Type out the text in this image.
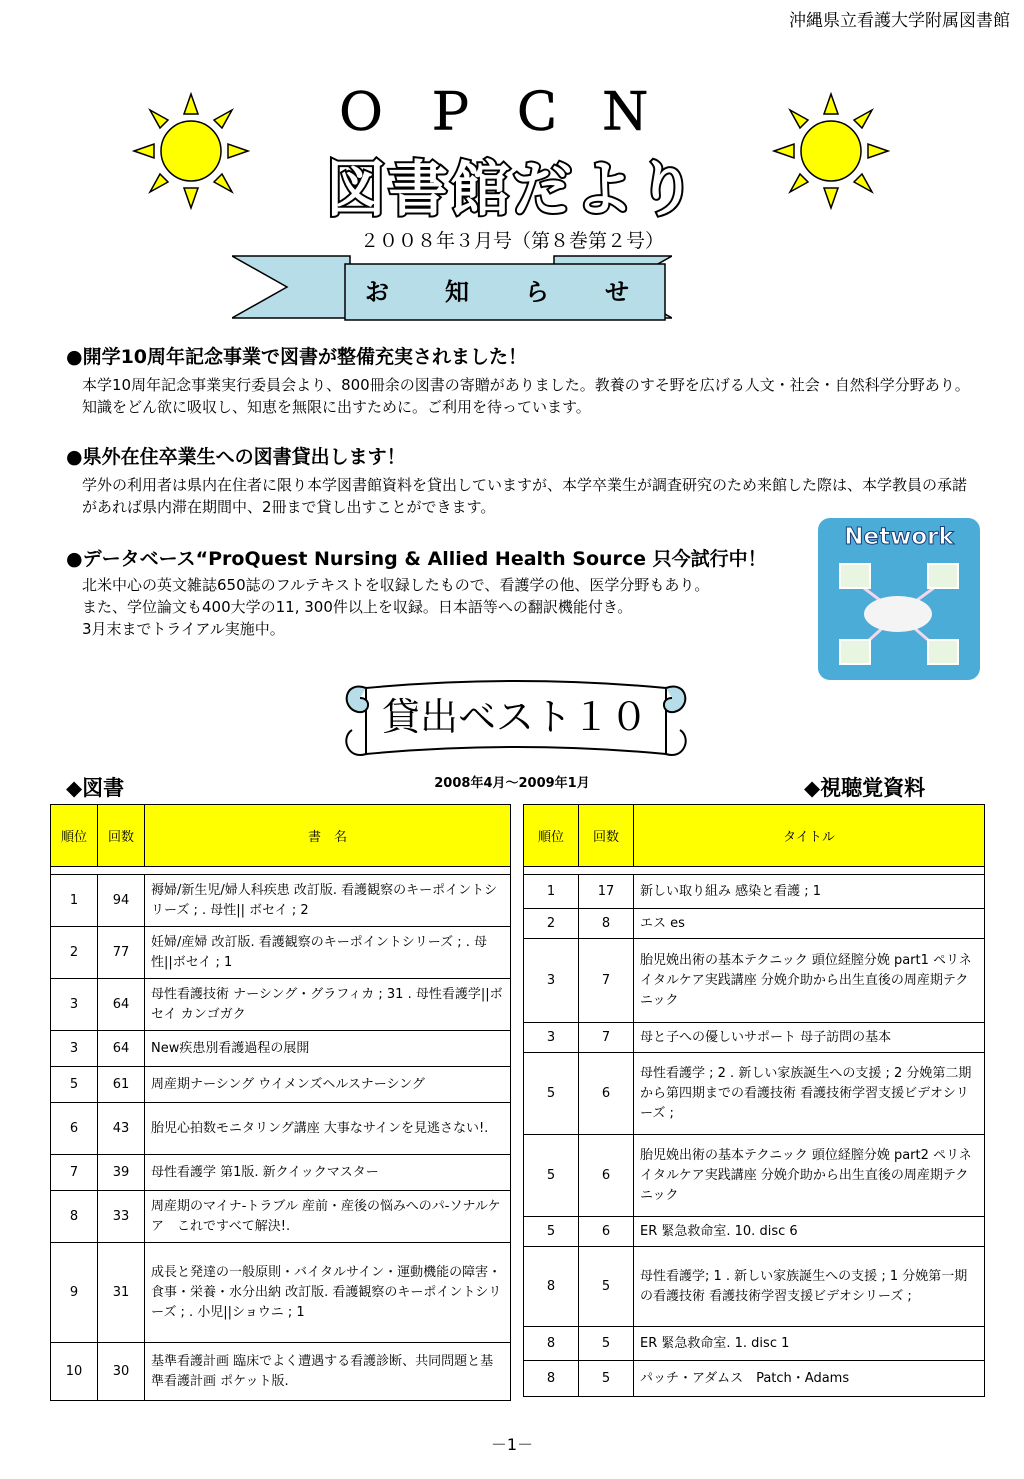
沖縄県立看護大学附属図書館
ＯＰＣＮ
図書館だより
２００８年３月号（第８巻第２号）
お　知　ら　せ
●開学10周年記念事業で図書が整備充実されました！
本学10周年記念事業実行委員会より、800冊余の図書の寄贈がありました。教養のすそ野を広げる人文・社会・自然科学分野あり。知識をどん欲に吸収し、知恵を無限に出すために。ご利用を待っています。
●県外在住卒業生への図書貸出します！
学外の利用者は県内在住者に限り本学図書館資料を貸出していますが、本学卒業生が調査研究のため来館した際は、本学教員の承諾があれば県内滞在期間中、2冊まで貸し出すことができます。
●データベース“ProQuest Nursing & Allied Health Source 只今試行中！
北米中心の英文雑誌650誌のフルテキストを収録したもので、看護学の他、医学分野もあり。
また、学位論文も400大学の11, 300件以上を収録。日本語等への翻訳機能付き。
3月末までトライアル実施中。
Network
貸出ベスト１０
◆図書	2008年4月～2009年1月	◆視聴覚資料
順位	回数	書　名

1	94	褥婦/新生児/婦人科疾患 改訂版. 看護観察のキーポイントシリーズ ; . 母性|| ボセイ ; 2
2	77	妊婦/産婦 改訂版. 看護観察のキーポイントシリーズ ; . 母性||ボセイ ; 1
3	64	母性看護技術 ナーシング・グラフィカ ; 31 . 母性看護学||ボセイ カンゴガク
3	64	New疾患別看護過程の展開
5	61	周産期ナーシング ウイメンズヘルスナーシング
6	43	胎児心拍数モニタリング講座 大事なサインを見逃さない!.
7	39	母性看護学 第1版. 新クイックマスター
8	33	周産期のマイナ-トラブル 産前・産後の悩みへのパ-ソナルケア　これですべて解決!.
9	31	成長と発達の一般原則・バイタルサイン・運動機能の障害・食事・栄養・水分出納 改訂版. 看護観察のキーポイントシリーズ ; . 小児||ショウニ ; 1
10	30	基準看護計画 臨床でよく遭遇する看護診断、共同問題と基準看護計画 ポケット版.
順位	回数	タイトル

1	17	新しい取り組み 感染と看護 ; 1
2	8	エス es
3	7	胎児娩出術の基本テクニック 頭位経膣分娩 part1 ペリネイタルケア実践講座 分娩介助から出生直後の周産期テクニック
3	7	母と子への優しいサポート 母子訪問の基本
5	6	母性看護学 ; 2 . 新しい家族誕生への支援 ; 2 分娩第二期から第四期までの看護技術 看護技術学習支援ビデオシリーズ ;
5	6	胎児娩出術の基本テクニック 頭位経膣分娩 part2 ペリネイタルケア実践講座 分娩介助から出生直後の周産期テクニック
5	6	ER 緊急救命室. 10. disc 6
8	5	母性看護学; 1 . 新しい家族誕生への支援 ; 1 分娩第一期の看護技術 看護技術学習支援ビデオシリーズ ;
8	5	ER 緊急救命室. 1. disc 1
8	5	パッチ・アダムス　Patch・Adams
－1－
